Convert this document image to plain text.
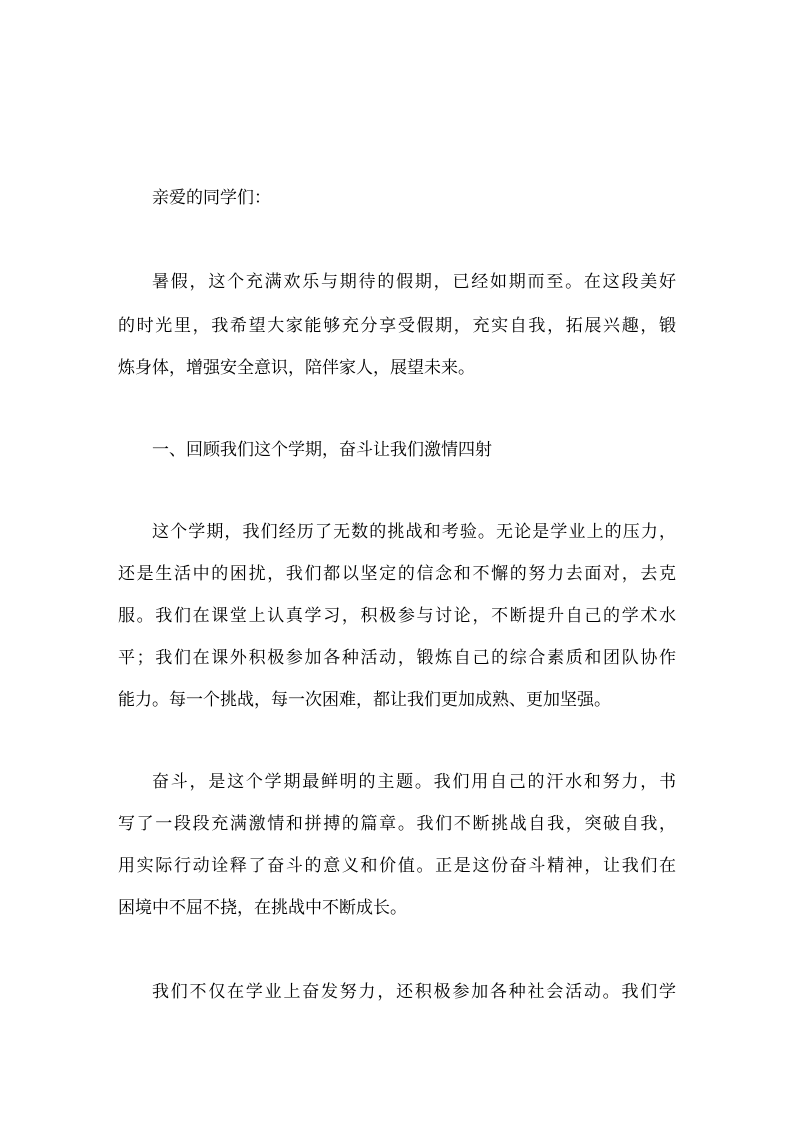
亲爱的同学们：
暑假，这个充满欢乐与期待的假期，已经如期而至。在这段美好
的时光里，我希望大家能够充分享受假期，充实自我，拓展兴趣，锻
炼身体，增强安全意识，陪伴家人，展望未来。
一、回顾我们这个学期，奋斗让我们激情四射
这个学期，我们经历了无数的挑战和考验。无论是学业上的压力，
还是生活中的困扰，我们都以坚定的信念和不懈的努力去面对，去克
服。我们在课堂上认真学习，积极参与讨论，不断提升自己的学术水
平；我们在课外积极参加各种活动，锻炼自己的综合素质和团队协作
能力。每一个挑战，每一次困难，都让我们更加成熟、更加坚强。
奋斗，是这个学期最鲜明的主题。我们用自己的汗水和努力，书
写了一段段充满激情和拼搏的篇章。我们不断挑战自我，突破自我，
用实际行动诠释了奋斗的意义和价值。正是这份奋斗精神，让我们在
困境中不屈不挠，在挑战中不断成长。
我们不仅在学业上奋发努力，还积极参加各种社会活动。我们学
